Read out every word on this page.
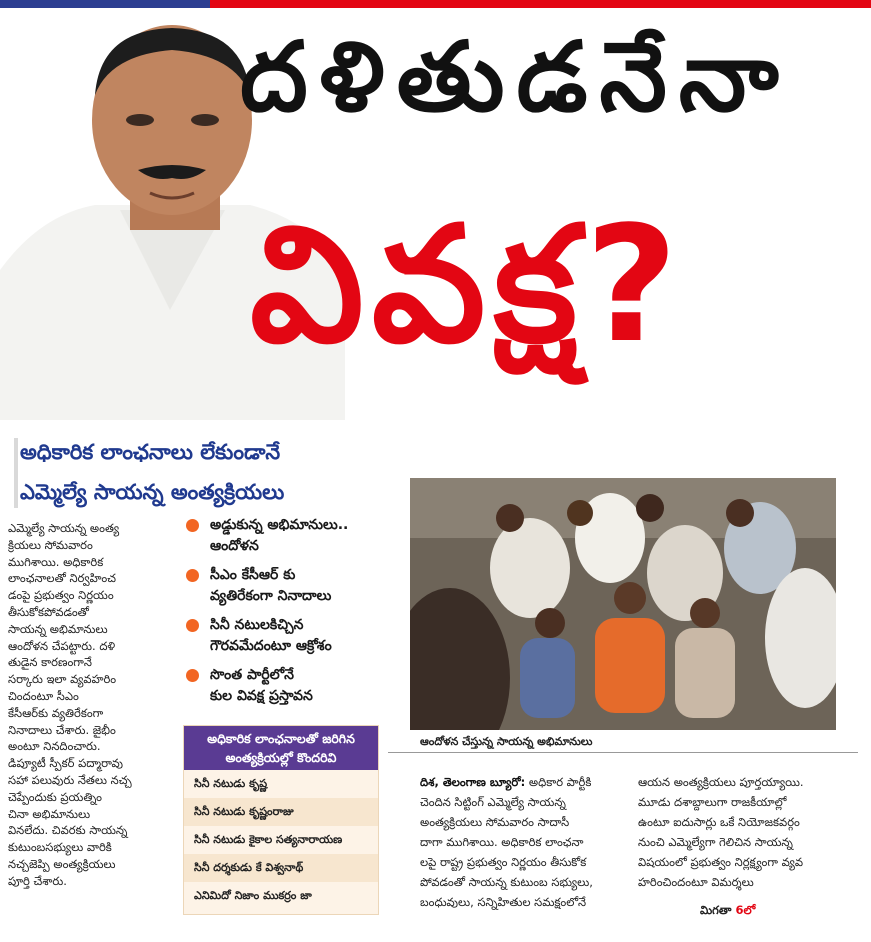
దళితుడనేనా
వివక్ష?
అధికారిక లాంఛనాలు లేకుండానే
ఎమ్మెల్యే సాయన్న అంత్యక్రియలు

ఎమ్మెల్యే సాయన్న అంత్య

క్రియలు సోమవారం

ముగిశాయి. అధికారిక

లాంఛనాలతో నిర్వహించ

డంపై ప్రభుత్వం నిర్ణయం

తీసుకోకపోవడంతో

సాయన్న అభిమానులు

ఆందోళన చేపట్టారు. దళి

తుడైన కారణంగానే

సర్కారు ఇలా వ్యవహరిం

చిందంటూ సీఎం

కేసీఆర్‌కు వ్యతిరేకంగా

నినాదాలు చేశారు. జైభీం

అంటూ నినదించారు.

డిప్యూటీ స్పీకర్ పద్మారావు

సహా పలువురు నేతలు నచ్చ

చెప్పేందుకు ప్రయత్నిం

చినా అభిమానులు

వినలేదు. చివరకు సాయన్న

కుటుంబసభ్యులు వారికి

నచ్చజెప్పి అంత్యక్రియలు

పూర్తి చేశారు.

అడ్డుకున్న అభిమానులు..
ఆందోళన
సీఎం కేసీఆర్ కు
వ్యతిరేకంగా నినాదాలు
సినీ నటులకిచ్చిన
గౌరవమేదంటూ ఆక్రోశం
సొంత పార్టీలోనే
కుల వివక్ష ప్రస్తావన
అధికారిక లాంఛనాలతో జరిగిన
అంత్యక్రియల్లో కొందరివి
సినీ నటుడు కృష్ణ
సినీ నటుడు కృష్ణంరాజు
సినీ నటుడు కైకాల సత్యనారాయణ
సినీ దర్శకుడు కే విశ్వనాథ్
ఎనిమిదో నిజాం ముకర్రం జా
ఆందోళన చేస్తున్న సాయన్న అభిమానులు
దిశ, తెలంగాణ బ్యూరో: అధికార పార్టీకి
చెందిన సిట్టింగ్ ఎమ్మెల్యే సాయన్న
అంత్యక్రియలు సోమవారం సాదాసీ
దాగా ముగిశాయి. అధికారిక లాంఛనా
లపై రాష్ట్ర ప్రభుత్వం నిర్ణయం తీసుకోక
పోవడంతో సాయన్న కుటుంబ సభ్యులు,
బంధువులు, సన్నిహితుల సమక్షంలోనే
ఆయన అంత్యక్రియలు పూర్తయ్యాయి.
మూడు దశాబ్దాలుగా రాజకీయాల్లో
ఉంటూ ఐదుసార్లు ఒకే నియోజకవర్గం
నుంచి ఎమ్మెల్యేగా గెలిచిన సాయన్న
విషయంలో ప్రభుత్వం నిర్లక్ష్యంగా వ్యవ
హరించిందంటూ విమర్శలు
మిగతా 6లో
